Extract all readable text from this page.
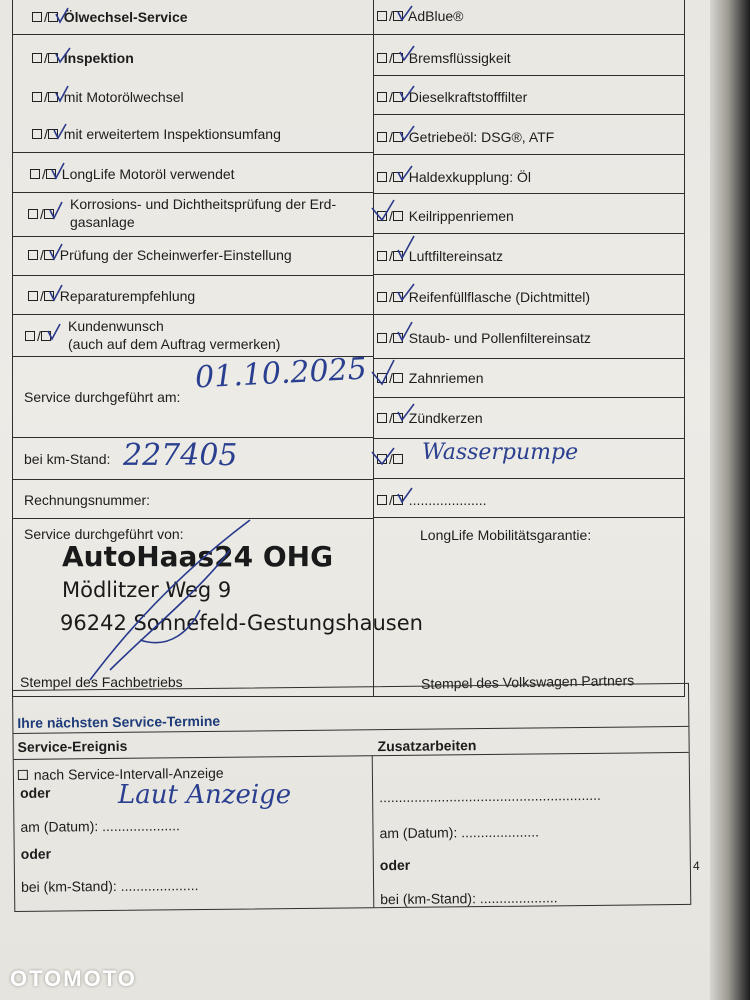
/ Ölwechsel-Service
/ Inspektion
/ mit Motorölwechsel
/ mit erweitertem Inspektionsumfang
/ LongLife Motoröl verwendet
/
Korrosions- und Dichtheitsprüfung der Erd-
gasanlage
/ Prüfung der Scheinwerfer-Einstellung
/ Reparaturempfehlung
/
Kundenwunsch
(auch auf dem Auftrag vermerken)
Service durchgeführt am:
bei km-Stand:
Rechnungsnummer:
Service durchgeführt von:
Stempel des Fachbetriebs
01.10.2025
227405
AutoHaas24 OHG
Mödlitzer Weg 9
96242 Sonnefeld-Gestungshausen
/ AdBlue®
/ Bremsflüssigkeit
/ Dieselkraftstofffilter
/ Getriebeöl: DSG®, ATF
/ Haldexkupplung: Öl
/ Keilrippenriemen
/ Luftfiltereinsatz
/ Reifenfüllflasche (Dichtmittel)
/ Staub- und Pollenfiltereinsatz
/ Zahnriemen
/ Zündkerzen
/	Wasserpumpe
/ ....................
LongLife Mobilitätsgarantie:
Stempel des Volkswagen Partners
Ihre nächsten Service-Termine
Service-Ereignis	Zusatzarbeiten
nach Service-Intervall-Anzeige
oder
am (Datum): ....................
oder
bei (km-Stand): ....................
.........................................................
am (Datum): ....................
oder
bei (km-Stand): ....................
Laut Anzeige
4
OTOMOTO
